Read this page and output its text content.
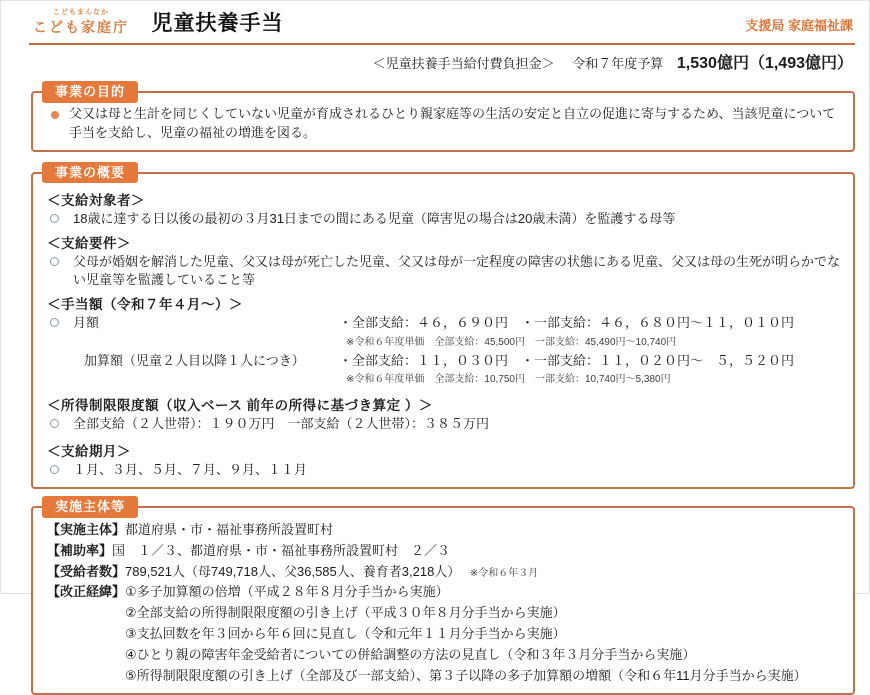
こどもまんなか
こども家庭庁 児童扶養手当	支援局 家庭福祉課
＜児童扶養手当給付費負担金＞ 令和７年度予算 1,530億円（1,493億円）
事業の目的
父又は母と生計を同じくしていない児童が育成されるひとり親家庭等の生活の安定と自立の促進に寄与するため、当該児童について手当を支給し、児童の福祉の増進を図る。
事業の概要
＜支給対象者＞
18歳に達する日以後の最初の３月31日までの間にある児童（障害児の場合は20歳未満）を監護する母等
＜支給要件＞
父母が婚姻を解消した児童、父又は母が死亡した児童、父又は母が一定程度の障害の状態にある児童、父又は母の生死が明らかでない児童等を監護していること等
＜手当額（令和７年４月～）＞
月額	・全部支給：４６，６９０円　・一部支給：４６，６８０円～１１，０１０円
※令和６年度単価　全部支給：45,500円　一部支給：45,490円～10,740円
加算額（児童２人目以降１人につき）	・全部支給：１１，０３０円　・一部支給：１１，０２０円～　５，５２０円
※令和６年度単価　全部支給：10,750円　一部支給：10,740円～5,380円
＜所得制限限度額（収入ベース 前年の所得に基づき算定 ）＞
全部支給（２人世帯）：１９０万円　一部支給（２人世帯）：３８５万円
＜支給期月＞
１月、３月、５月、７月、９月、１１月
実施主体等
【実施主体】 都道府県・市・福祉事務所設置町村
【補助率】 国　１／３、都道府県・市・福祉事務所設置町村　２／３
【受給者数】 789,521人（母749,718人、父36,585人、養育者3,218人） ※令和６年３月
【改正経緯】 ①多子加算額の倍増（平成２８年８月分手当から実施）
②全部支給の所得制限限度額の引き上げ（平成３０年８月分手当から実施）
③支払回数を年３回から年６回に見直し（令和元年１１月分手当から実施）
④ひとり親の障害年金受給者についての併給調整の方法の見直し（令和３年３月分手当から実施）
⑤所得制限限度額の引き上げ（全部及び一部支給）、第３子以降の多子加算額の増額（令和６年11月分手当から実施）
